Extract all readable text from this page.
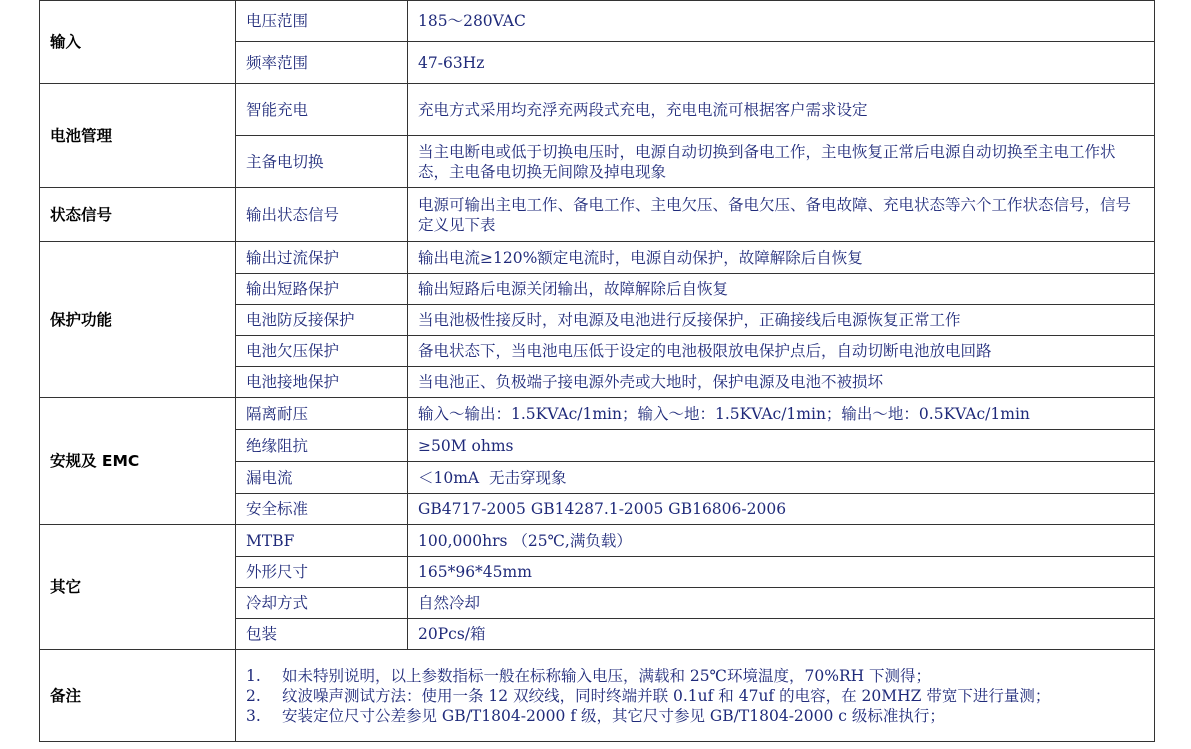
输入	电压范围	185～280VAC
	频率范围	47-63Hz
电池管理	智能充电	充电方式采用均充浮充两段式充电，充电电流可根据客户需求设定
	主备电切换	当主电断电或低于切换电压时，电源自动切换到备电工作，主电恢复正常后电源自动切换至主电工作状态，主电备电切换无间隙及掉电现象
状态信号	输出状态信号	电源可输出主电工作、备电工作、主电欠压、备电欠压、备电故障、充电状态等六个工作状态信号，信号定义见下表
保护功能	输出过流保护	输出电流≥120%额定电流时，电源自动保护，故障解除后自恢复
	输出短路保护	输出短路后电源关闭输出，故障解除后自恢复
	电池防反接保护	当电池极性接反时，对电源及电池进行反接保护，正确接线后电源恢复正常工作
	电池欠压保护	备电状态下，当电池电压低于设定的电池极限放电保护点后，自动切断电池放电回路
	电池接地保护	当电池正、负极端子接电源外壳或大地时，保护电源及电池不被损坏
安规及 EMC	隔离耐压	输入～输出：1.5KVAc/1min；输入～地：1.5KVAc/1min；输出～地：0.5KVAc/1min
	绝缘阻抗	≥50M ohms
	漏电流	＜10mA  无击穿现象
	安全标准	GB4717-2005 GB14287.1-2005 GB16806-2006
其它	MTBF	100,000hrs （25℃,满负载）
	外形尺寸	165*96*45mm
	冷却方式	自然冷却
	包装	20Pcs/箱
备注	1. 如未特别说明，以上参数指标一般在标称输入电压，满载和 25℃环境温度，70%RH 下测得；
2. 纹波噪声测试方法：使用一条 12 双绞线，同时终端并联 0.1uf 和 47uf 的电容，在 20MHZ 带宽下进行量测；
3. 安装定位尺寸公差参见 GB/T1804-2000 f 级，其它尺寸参见 GB/T1804-2000 c 级标准执行；	
